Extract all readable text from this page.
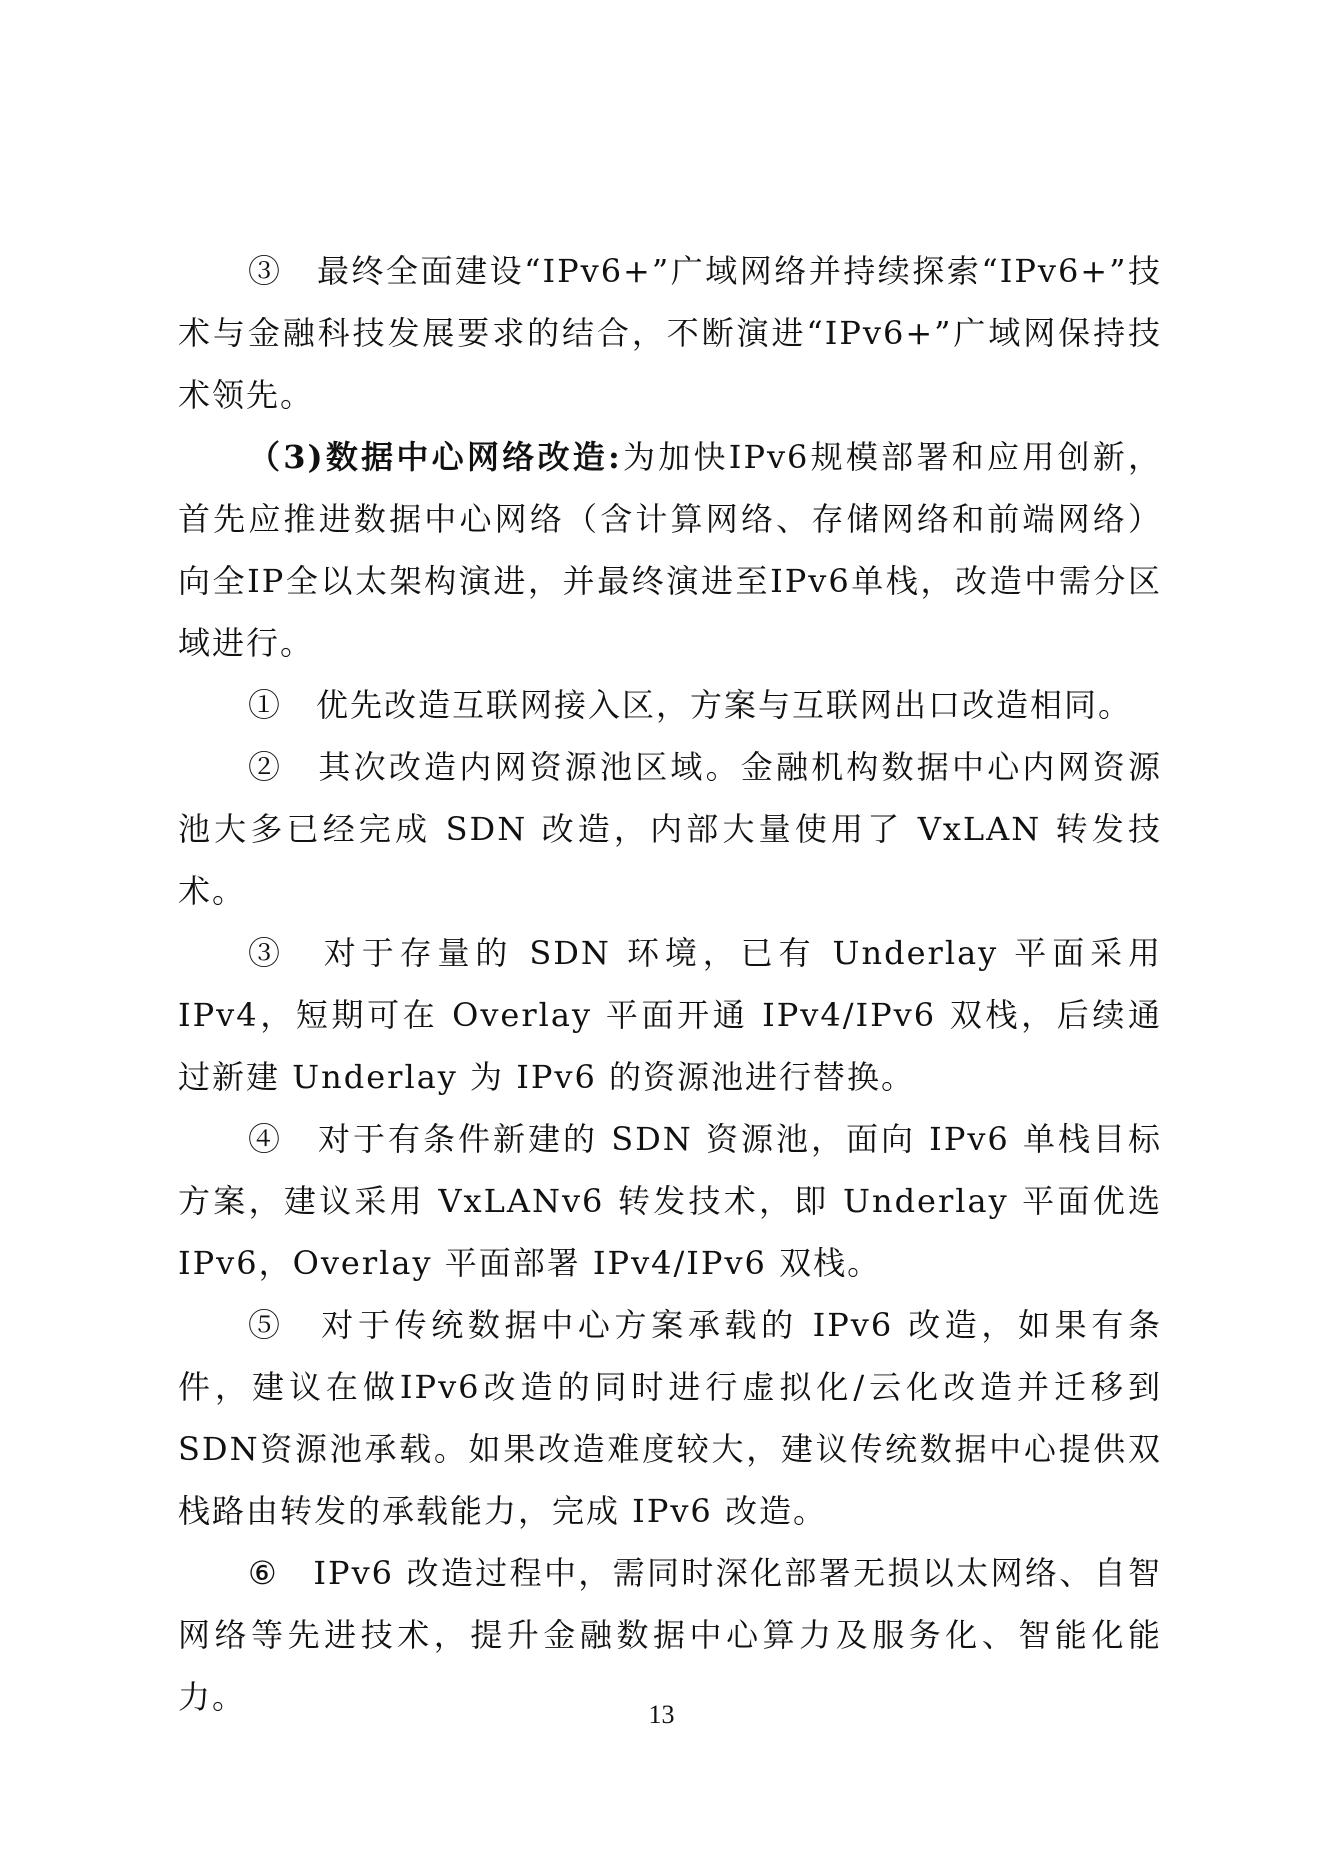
③　最终全面建设“IPv6+”广域网络并持续探索“IPv6+”技术与金融科技发展要求的结合，不断演进“IPv6+”广域网保持技术领先。

（3)数据中心网络改造:为加快IPv6规模部署和应用创新，首先应推进数据中心网络（含计算网络、存储网络和前端网络）向全IP全以太架构演进，并最终演进至IPv6单栈，改造中需分区域进行。

①　优先改造互联网接入区，方案与互联网出口改造相同。

②　其次改造内网资源池区域。金融机构数据中心内网资源池大多已经完成 SDN 改造，内部大量使用了 VxLAN 转发技术。

③　对于存量的 SDN 环境，已有 Underlay 平面采用 IPv4，短期可在 Overlay 平面开通 IPv4/IPv6 双栈，后续通过新建 Underlay 为 IPv6 的资源池进行替换。

④　对于有条件新建的 SDN 资源池，面向 IPv6 单栈目标方案，建议采用 VxLANv6 转发技术，即 Underlay 平面优选 IPv6，Overlay 平面部署 IPv4/IPv6 双栈。

⑤　对于传统数据中心方案承载的 IPv6 改造，如果有条件，建议在做IPv6改造的同时进行虚拟化/云化改造并迁移到SDN资源池承载。如果改造难度较大，建议传统数据中心提供双栈路由转发的承载能力，完成 IPv6 改造。

⑥　IPv6 改造过程中，需同时深化部署无损以太网络、自智网络等先进技术，提升金融数据中心算力及服务化、智能化能力。	13
